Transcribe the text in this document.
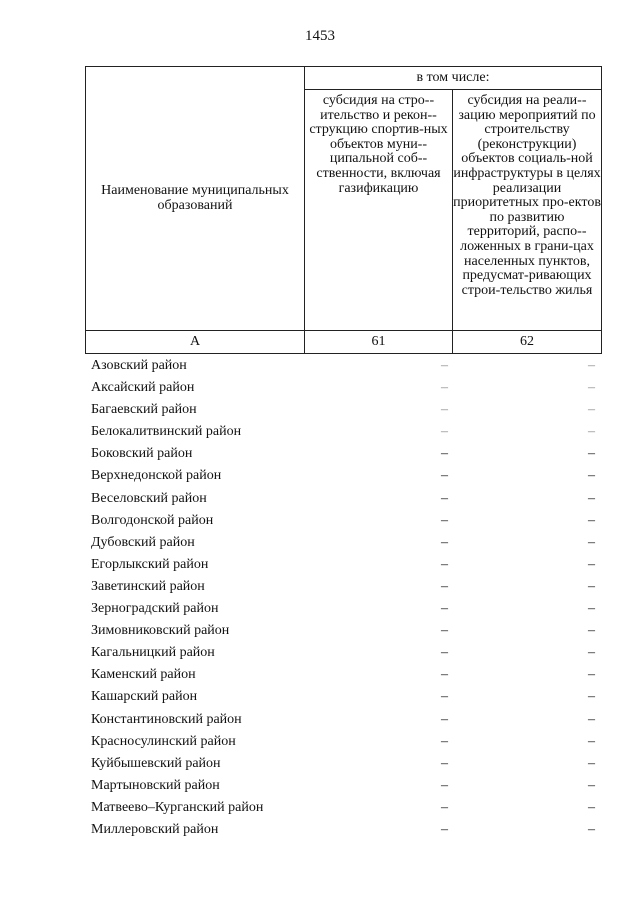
1453
Наименование муниципальных образований	в том числе:	
	субсидия на стро-ительство и рекон-струкцию спортив-ных объектов муни-ципальной соб-ственности, включая газификацию	субсидия на реали-зацию мероприятий по строительству (реконструкции) объектов социаль-ной инфраструктуры в целях реализации приоритетных про-ектов по развитию территорий, распо-ложенных в грани-цах населенных пунктов, предусмат-ривающих строи-тельство жилья
А	61	62
Азовский район	–	–
Аксайский район	–	–
Багаевский район	–	–
Белокалитвинский район	–	–
Боковский район	–	–
Верхнедонской район	–	–
Веселовский район	–	–
Волгодонской район	–	–
Дубовский район	–	–
Егорлыкский район	–	–
Заветинский район	–	–
Зерноградский район	–	–
Зимовниковский район	–	–
Кагальницкий район	–	–
Каменский район	–	–
Кашарский район	–	–
Константиновский район	–	–
Красносулинский район	–	–
Куйбышевский район	–	–
Мартыновский район	–	–
Матвеево–Курганский район	–	–
Миллеровский район	–	–
